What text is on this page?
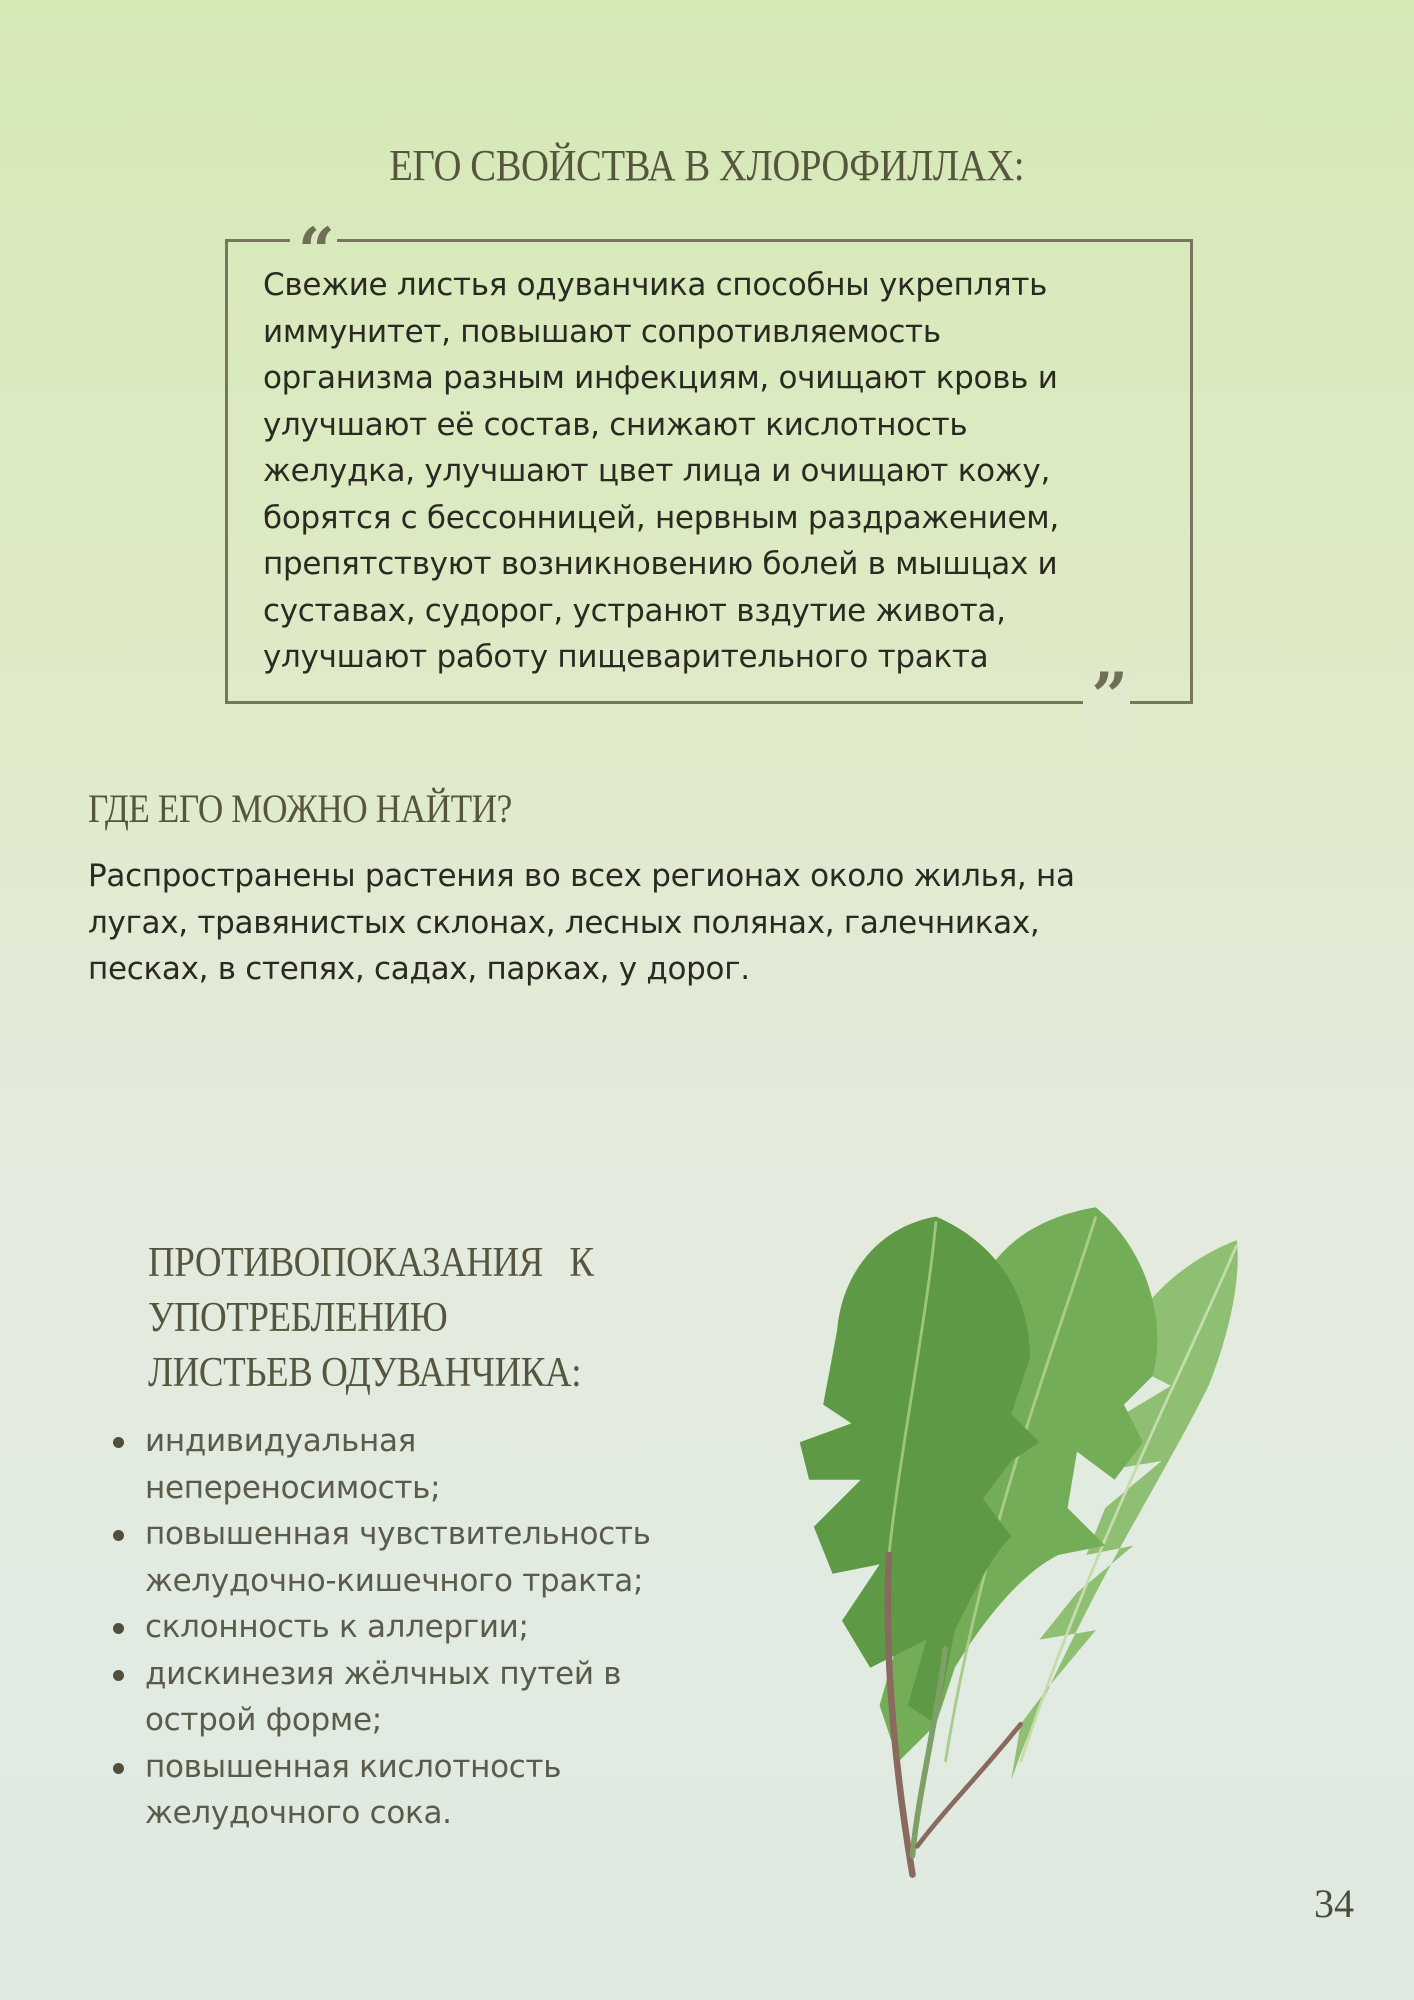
ЕГО СВОЙСТВА В ХЛОРОФИЛЛАХ:
“

Свежие листья одуванчика способны укреплять
иммунитет, повышают сопротивляемость
организма разным инфекциям, очищают кровь и
улучшают её состав, снижают кислотность
желудка, улучшают цвет лица и очищают кожу,
борятся с бессонницей, нервным раздражением,
препятствуют возникновению болей в мышцах и
суставах, судорог, устранют вздутие живота,
улучшают работу пищеварительного тракта

”
ГДЕ ЕГО МОЖНО НАЙТИ?

Распространены растения во всех регионах около жилья, на
лугах, травянистых склонах, лесных полянах, галечниках,
песках, в степях, садах, парках, у дорог.

ПРОТИВОПОКАЗАНИЯ   К
УПОТРЕБЛЕНИЮ
ЛИСТЬЕВ ОДУВАНЧИКА:
индивидуальная
непереносимость;
повышенная чувствительность
желудочно-кишечного тракта;
склонность к аллергии;
дискинезия жёлчных путей в
острой форме;
повышенная кислотность
желудочного сока.
34
